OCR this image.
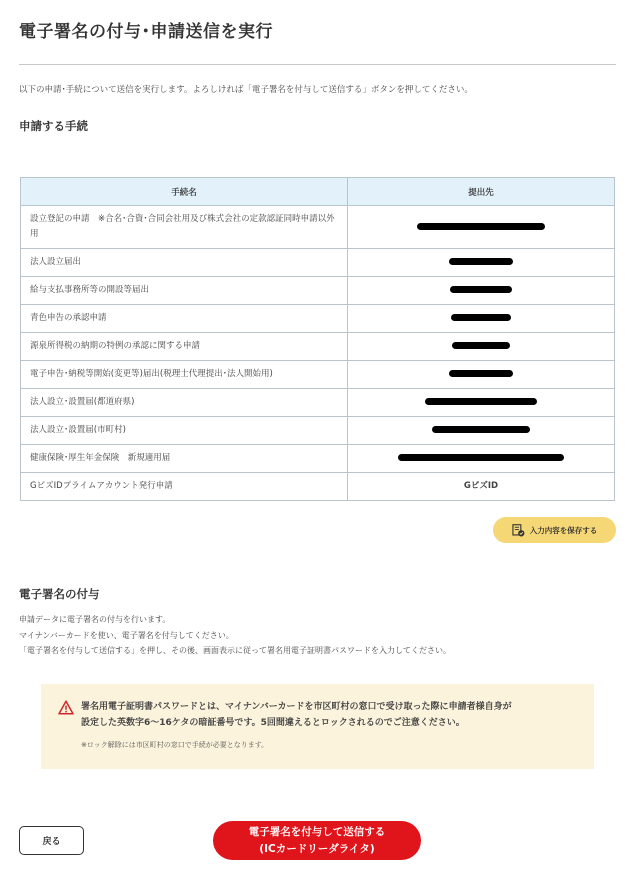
電子署名の付与･申請送信を実行
以下の申請･手続について送信を実行します。よろしければ「電子署名を付与して送信する」ボタンを押してください。
申請する手続
手続名	提出先
設立登記の申請　※合名･合資･合同会社用及び株式会社の定款認証同時申請以外用	
法人設立届出	
給与支払事務所等の開設等届出	
青色申告の承認申請	
源泉所得税の納期の特例の承認に関する申請	
電子申告･納税等開始(変更等)届出(税理士代理提出･法人開始用)	
法人設立･設置届(都道府県)	
法人設立･設置届(市町村)	
健康保険･厚生年金保険　新規適用届	
GビズIDプライムアカウント発行申請	GビズID
入力内容を保存する
電子署名の付与
申請データに電子署名の付与を行います。
マイナンバーカードを使い、電子署名を付与してください。
「電子署名を付与して送信する」を押し、その後、画面表示に従って署名用電子証明書パスワードを入力してください。
署名用電子証明書パスワードとは、マイナンバーカードを市区町村の窓口で受け取った際に申請者様自身が
設定した英数字6〜16ケタの暗証番号です。5回間違えるとロックされるのでご注意ください。
※ロック解除には市区町村の窓口で手続が必要となります。
戻る
電子署名を付与して送信する
(ICカードリーダライタ)
